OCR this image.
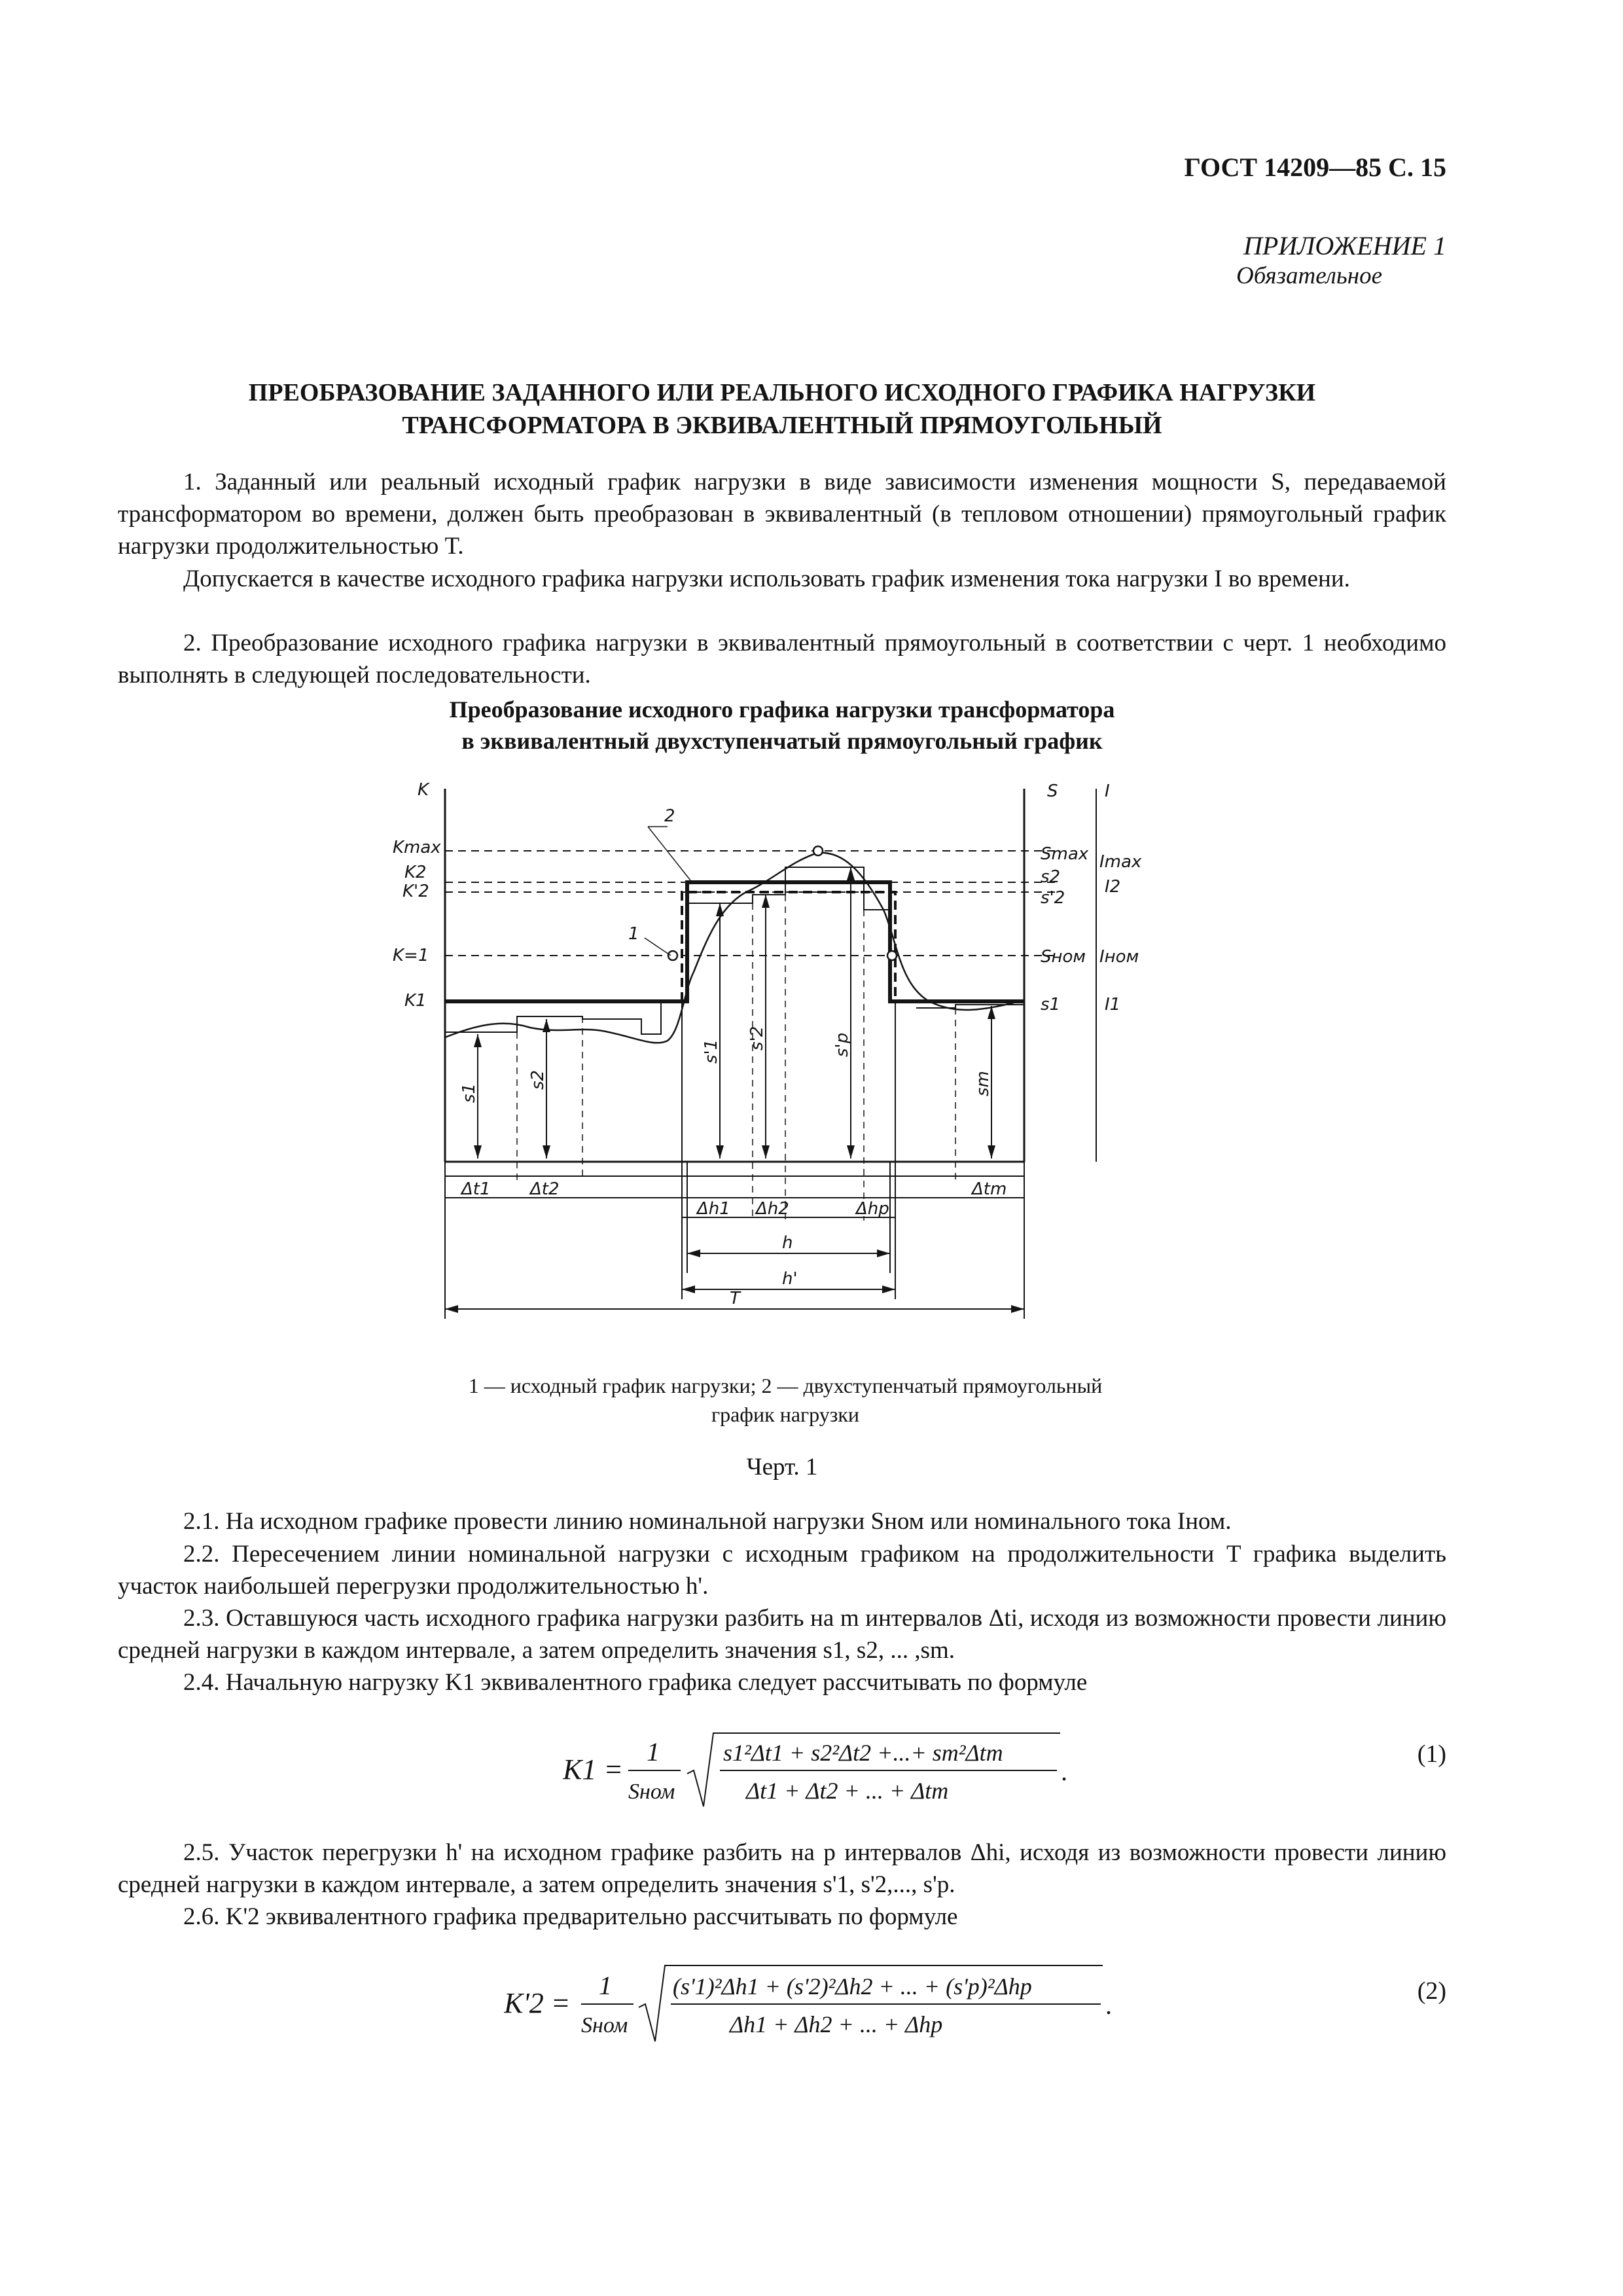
ГОСТ 14209—85 С. 15
ПРИЛОЖЕНИЕ 1
Обязательное
ПРЕОБРАЗОВАНИЕ ЗАДАННОГО ИЛИ РЕАЛЬНОГО ИСХОДНОГО ГРАФИКА НАГРУЗКИ
ТРАНСФОРМАТОРА В ЭКВИВАЛЕНТНЫЙ ПРЯМОУГОЛЬНЫЙ
1. Заданный или реальный исходный график нагрузки в виде зависимости изменения мощности S, передаваемой трансформатором во времени, должен быть преобразован в эквивалентный (в тепловом отношении) прямоугольный график нагрузки продолжительностью T.
Допускается в качестве исходного графика нагрузки использовать график изменения тока нагрузки I во времени.
2. Преобразование исходного графика нагрузки в эквивалентный прямоугольный в соответствии с черт. 1 необходимо выполнять в следующей последовательности.
Преобразование исходного графика нагрузки трансформатора
в эквивалентный двухступенчатый прямоугольный график
K
Kmax
K2
K'2
K=1
K1
S
Smax
s2
s'2
Sном
s1
I
Imax
I2
Iном
I1
1
2
s1
s2
s'1
s'2	s'p
sm
Δt1 Δt2	Δtm
Δh1 Δh2	Δhp
h
h'
T
1 — исходный график нагрузки; 2 — двухступенчатый прямоугольный
график нагрузки
Черт. 1
2.1. На исходном графике провести линию номинальной нагрузки Sном или номинального тока Iном.
2.2. Пересечением линии номинальной нагрузки с исходным графиком на продолжительности T графика выделить участок наибольшей перегрузки продолжительностью h'.
2.3. Оставшуюся часть исходного графика нагрузки разбить на m интервалов Δti, исходя из возможности провести линию средней нагрузки в каждом интервале, а затем определить значения s1, s2, ... ,sm.
2.4. Начальную нагрузку K1 эквивалентного графика следует рассчитывать по формуле
K1 =
1
Sном
s1²Δt1 + s2²Δt2 +...+ sm²Δtm
Δt1 + Δt2 + ... + Δtm
.
(1)
2.5. Участок перегрузки h' на исходном графике разбить на p интервалов Δhi, исходя из возможности провести линию средней нагрузки в каждом интервале, а затем определить значения s'1, s'2,..., s'p.
2.6. K'2 эквивалентного графика предварительно рассчитывать по формуле
K'2 =
1
Sном
(s'1)²Δh1 + (s'2)²Δh2 + ... + (s'p)²Δhp
Δh1 + Δh2 + ... + Δhp
.	(2)
